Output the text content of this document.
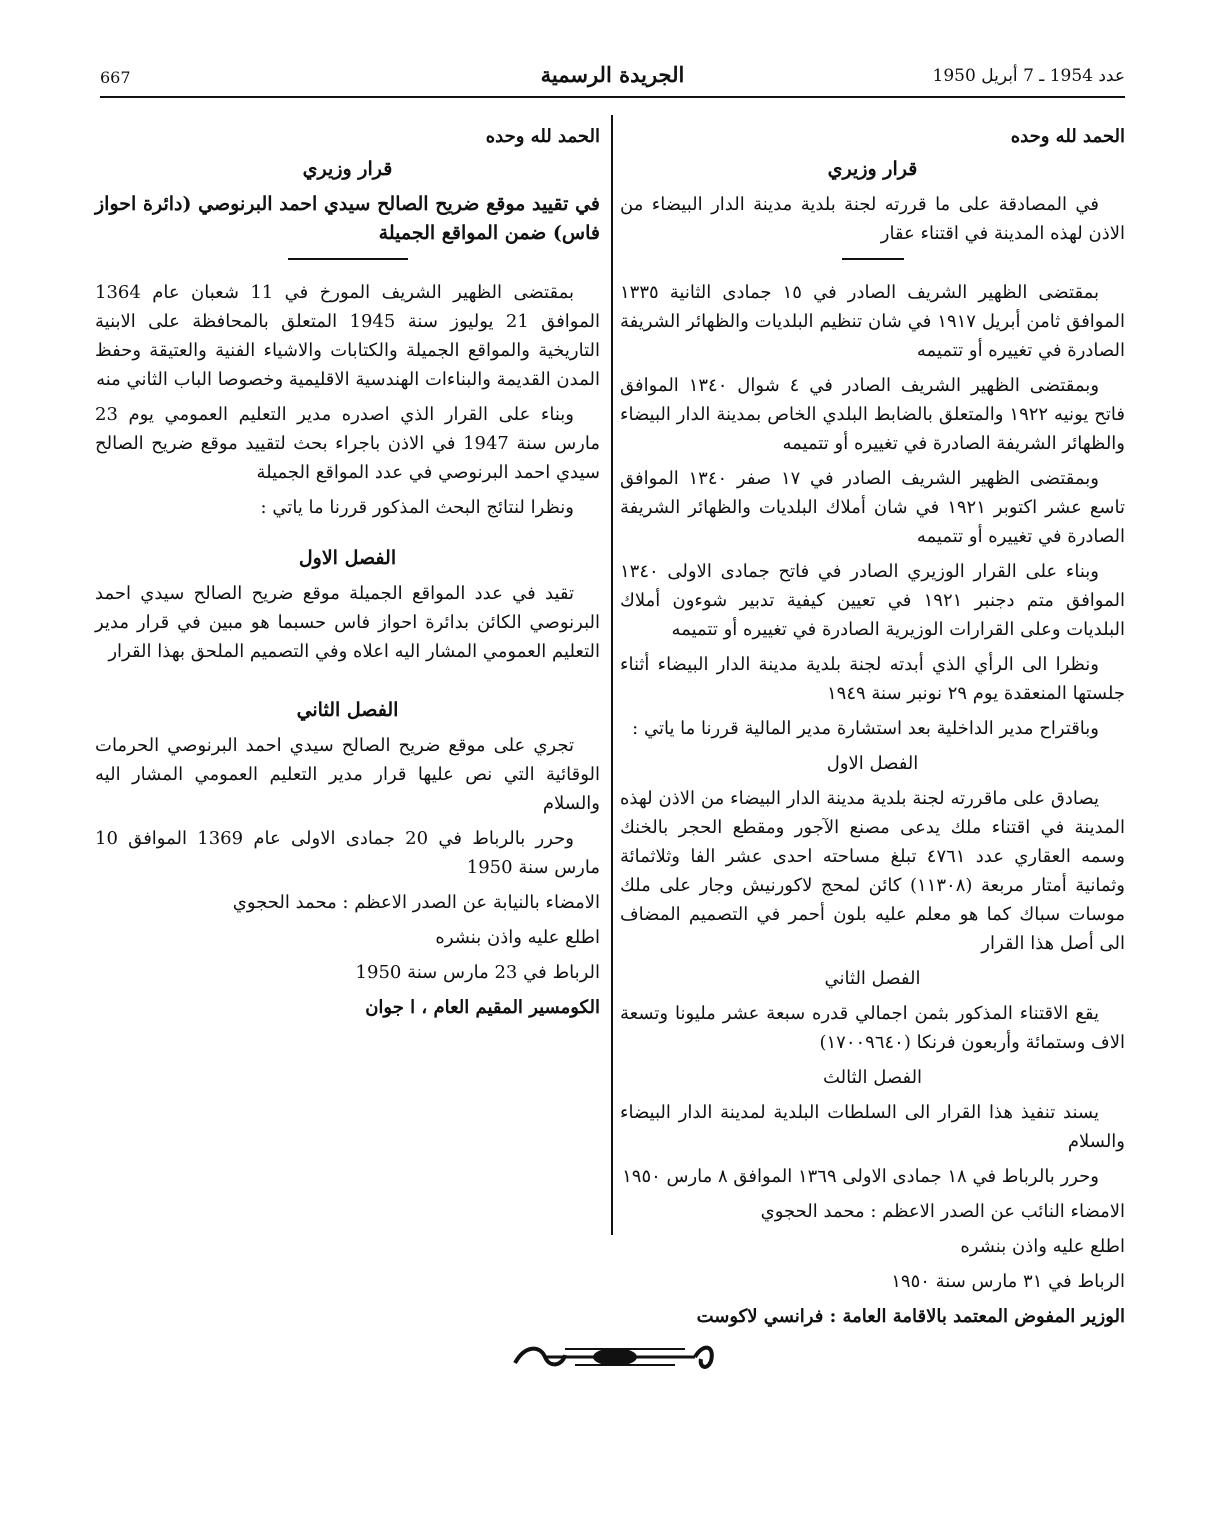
عدد 1954 ـ 7 أبريل 1950
الجريدة الرسمية
667

الحمد لله وحده

قرار وزيري

في المصادقة على ما قررته لجنة بلدية مدينة الدار البيضاء من الاذن لهذه المدينة في اقتناء عقار

بمقتضى الظهير الشريف الصادر في ١٥ جمادى الثانية ١٣٣٥ الموافق ثامن أبريل ١٩١٧ في شان تنظيم البلديات والظهائر الشريفة الصادرة في تغييره أو تتميمه

وبمقتضى الظهير الشريف الصادر في ٤ شوال ١٣٤٠ الموافق فاتح يونيه ١٩٢٢ والمتعلق بالضابط البلدي الخاص بمدينة الدار البيضاء والظهائر الشريفة الصادرة في تغييره أو تتميمه

وبمقتضى الظهير الشريف الصادر في ١٧ صفر ١٣٤٠ الموافق تاسع عشر اكتوبر ١٩٢١ في شان أملاك البلديات والظهائر الشريفة الصادرة في تغييره أو تتميمه

وبناء على القرار الوزيري الصادر في فاتح جمادى الاولى ١٣٤٠ الموافق متم دجنبر ١٩٢١ في تعيين كيفية تدبير شوءون أملاك البلديات وعلى القرارات الوزيرية الصادرة في تغييره أو تتميمه

ونظرا الى الرأي الذي أبدته لجنة بلدية مدينة الدار البيضاء أثناء جلستها المنعقدة يوم ٢٩ نونبر سنة ١٩٤٩

وباقتراح مدير الداخلية بعد استشارة مدير المالية قررنا ما ياتي :

الفصل الاول

يصادق على ماقررته لجنة بلدية مدينة الدار البيضاء من الاذن لهذه المدينة في اقتناء ملك يدعى مصنع الآجور ومقطع الحجر بالخنك وسمه العقاري عدد ٤٧٦١ تبلغ مساحته احدى عشر الفا وثلاثمائة وثمانية أمتار مربعة (١١٣٠٨) كائن لمحج لاكورنيش وجار على ملك موسات سباك كما هو معلم عليه بلون أحمر في التصميم المضاف الى أصل هذا القرار

الفصل الثاني

يقع الاقتناء المذكور بثمن اجمالي قدره سبعة عشر مليونا وتسعة الاف وستمائة وأربعون فرنكا (١٧٠٠٩٦٤٠)

الفصل الثالث

يسند تنفيذ هذا القرار الى السلطات البلدية لمدينة الدار البيضاء والسلام

وحرر بالرباط في ١٨ جمادى الاولى ١٣٦٩ الموافق ٨ مارس ١٩٥٠

الامضاء النائب عن الصدر الاعظم : محمد الحجوي

اطلع عليه واذن بنشره

الرباط في ٣١ مارس سنة ١٩٥٠

الوزير المفوض المعتمد بالاقامة العامة : فرانسي لاكوست

الحمد لله وحده

قرار وزيري

في تقييد موقع ضريح الصالح سيدي احمد البرنوصي (دائرة احواز فاس) ضمن المواقع الجميلة

بمقتضى الظهير الشريف المورخ في 11 شعبان عام 1364 الموافق 21 يوليوز سنة 1945 المتعلق بالمحافظة على الابنية التاريخية والمواقع الجميلة والكتابات والاشياء الفنية والعتيقة وحفظ المدن القديمة والبناءات الهندسية الاقليمية وخصوصا الباب الثاني منه

وبناء على القرار الذي اصدره مدير التعليم العمومي يوم 23 مارس سنة 1947 في الاذن باجراء بحث لتقييد موقع ضريح الصالح سيدي احمد البرنوصي في عدد المواقع الجميلة

ونظرا لنتائج البحث المذكور قررنا ما ياتي :

الفصل الاول

تقيد في عدد المواقع الجميلة موقع ضريح الصالح سيدي احمد البرنوصي الكائن بدائرة احواز فاس حسبما هو مبين في قرار مدير التعليم العمومي المشار اليه اعلاه وفي التصميم الملحق بهذا القرار

الفصل الثاني

تجري على موقع ضريح الصالح سيدي احمد البرنوصي الحرمات الوقائية التي نص عليها قرار مدير التعليم العمومي المشار اليه والسلام

وحرر بالرباط في 20 جمادى الاولى عام 1369 الموافق 10 مارس سنة 1950

الامضاء بالنيابة عن الصدر الاعظم : محمد الحجوي

اطلع عليه واذن بنشره

الرباط في 23 مارس سنة 1950

الكومسير المقيم العام ، ا جوان
